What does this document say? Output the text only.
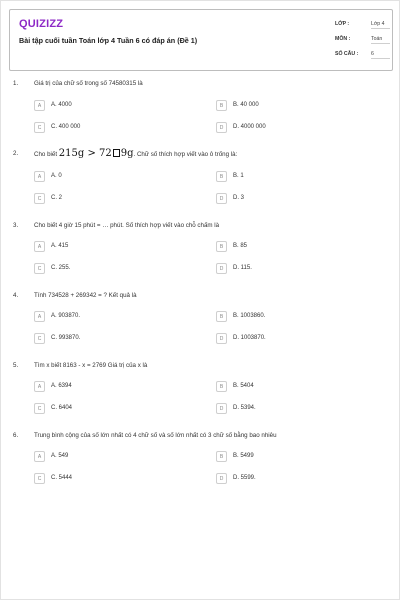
QUIZIZZ
Bài tập cuối tuần Toán lớp 4 Tuần 6 có đáp án (Đề 1)
LỚP :	Lớp 4
MÔN :	Toán
SỐ CÂU : 6
1.	Giá trị của chữ số trong số 74580315 là
A	A. 4000	B	B. 40 000
C	C. 400 000	D	D. 4000 000
2.	Cho biết 215g > 72 9g. Chữ số thích hợp viết vào ô trống là:
A	A. 0	B	B. 1
C	C. 2	D	D. 3
3.	Cho biết 4 giờ 15 phút = … phút. Số thích hợp viết vào chỗ chấm là
A	A. 415	B	B. 85
C	C. 255.	D	D. 115.
4.	Tính 734528 + 269342 = ? Kết quả là
A	A. 903870.	B	B. 1003860.
C	C. 993870.	D	D. 1003870.
5.	Tìm x biết 8163 - x = 2769 Giá trị của x là
A	A. 6394	B	B. 5404
C	C. 6404	D	D. 5394.
6.	Trung bình cộng của số lớn nhất có 4 chữ số và số lớn nhất có 3 chữ số bằng bao nhiêu
A	A. 549	B	B. 5499
C	C. 5444	D	D. 5599.
